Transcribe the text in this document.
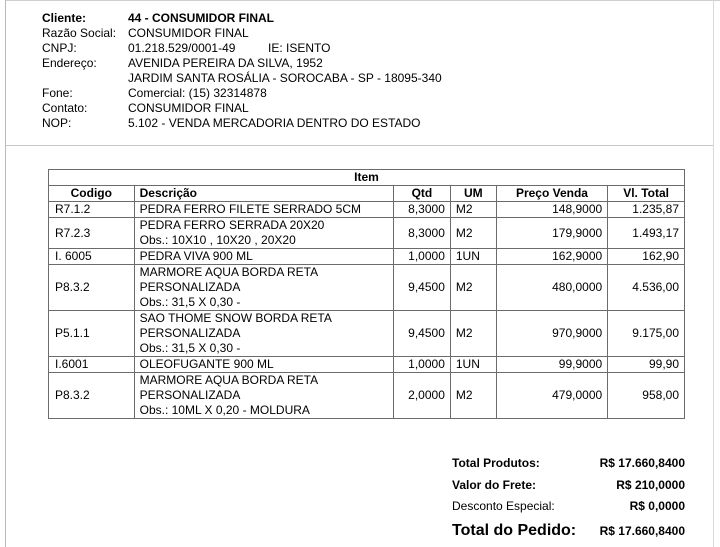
Cliente:	44 - CONSUMIDOR FINAL
Razão Social: CONSUMIDOR FINAL
CNPJ:	01.218.529/0001-49	IE: ISENTO
Endereço:	AVENIDA PEREIRA DA SILVA, 1952
JARDIM SANTA ROSÁLIA - SOROCABA - SP - 18095-340
Fone:	Comercial: (15) 32314878
Contato:	CONSUMIDOR FINAL
NOP:	5.102 - VENDA MERCADORIA DENTRO DO ESTADO
Item					
Codigo	Descrição	Qtd	UM	Preço Venda	Vl. Total
R7.1.2	PEDRA FERRO FILETE SERRADO 5CM	8,3000	M2	148,9000	1.235,87
R7.2.3	PEDRA FERRO SERRADA 20X20
Obs.: 10X10 , 10X20 , 20X20	8,3000	M2	179,9000	1.493,17
I. 6005	PEDRA VIVA 900 ML	1,0000	1UN	162,9000	162,90
P8.3.2	MARMORE AQUA BORDA RETA
PERSONALIZADA
Obs.: 31,5 X 0,30 -	9,4500	M2	480,0000	4.536,00
P5.1.1	SAO THOME SNOW BORDA RETA
PERSONALIZADA
Obs.: 31,5 X 0,30 -	9,4500	M2	970,9000	9.175,00
I.6001	OLEOFUGANTE 900 ML	1,0000	1UN	99,9000	99,90
P8.3.2	MARMORE AQUA BORDA RETA
PERSONALIZADA
Obs.: 10ML X 0,20 - MOLDURA	2,0000	M2	479,0000	958,00
Total Produtos:	R$ 17.660,8400
Valor do Frete:	R$ 210,0000
Desconto Especial:	R$ 0,0000
Total do Pedido: R$ 17.660,8400
